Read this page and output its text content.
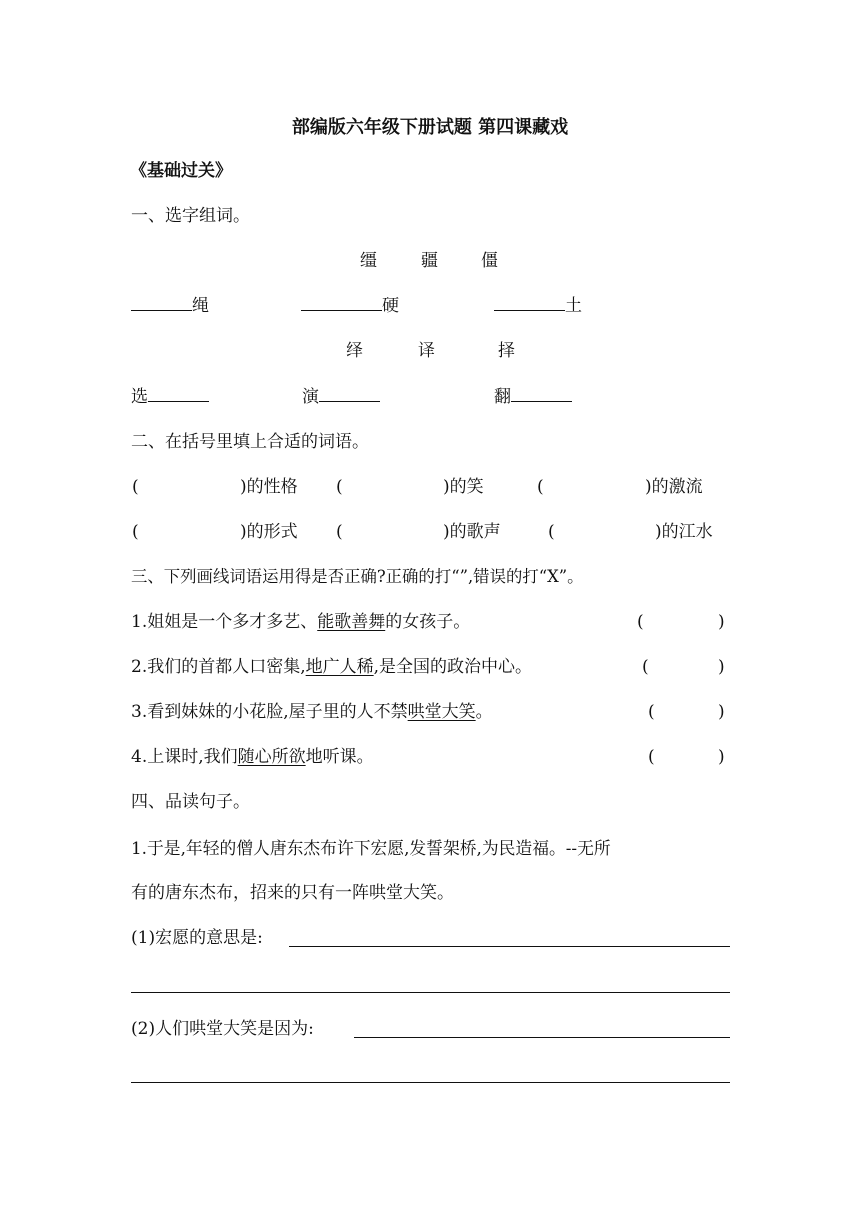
部编版六年级下册试题 第四课藏戏
《基础过关》
一、选字组词。
缰	疆	僵
绳	硬	土
绎	译	择
选	演	翻
二、在括号里填上合适的词语。
(	)的性格 (	)的笑	(	)的激流
(	)的形式 (	)的歌声	(	)的江水
三、下列画线词语运用得是否正确?正确的打“”,错误的打“X”。
1.姐姐是一个多才多艺、能歌善舞的女孩子。	(	)
2.我们的首都人口密集,地广人稀,是全国的政治中心。	(	)
3.看到妹妹的小花脸,屋子里的人不禁哄堂大笑。	(	)
4.上课时,我们随心所欲地听课。	(	)
四、品读句子。
1.于是,年轻的僧人唐东杰布许下宏愿,发誓架桥,为民造福。--无所
有的唐东杰布，招来的只有一阵哄堂大笑。
(1)宏愿的意思是:
(2)人们哄堂大笑是因为:
